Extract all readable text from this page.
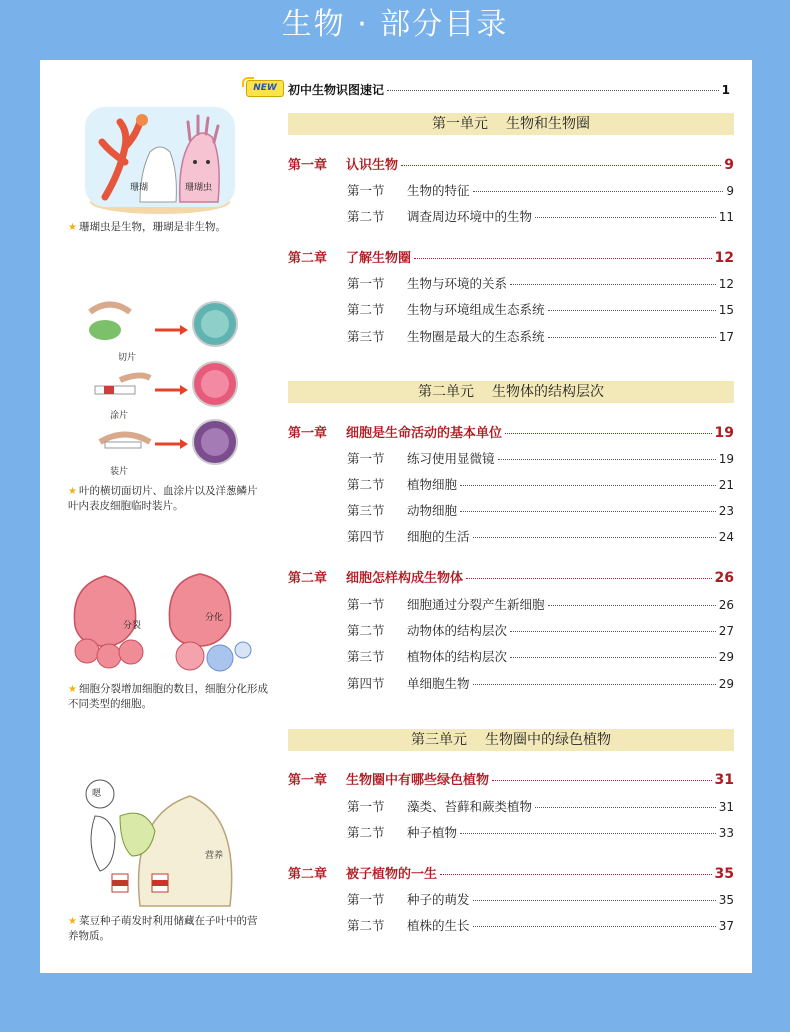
生物 · 部分目录
珊瑚	珊瑚虫
★ 珊瑚虫是生物，珊瑚是非生物。
切片
涂片
装片
★ 叶的横切面切片、血涂片以及洋葱鳞片叶内表皮细胞临时装片。
分裂
分化
★ 细胞分裂增加细胞的数目，细胞分化形成不同类型的细胞。
嗯
营养
★ 菜豆种子萌发时利用储藏在子叶中的营养物质。
NEW 初中生物识图速记	1
第一单元 生物和生物圈
第一章	认识生物	9
第一节	生物的特征	9
第二节	调查周边环境中的生物	11
第二章	了解生物圈	12
第一节	生物与环境的关系	12
第二节	生物与环境组成生态系统	15
第三节	生物圈是最大的生态系统	17
第二单元 生物体的结构层次
第一章	细胞是生命活动的基本单位	19
第一节	练习使用显微镜	19
第二节	植物细胞	21
第三节	动物细胞	23
第四节	细胞的生活	24
第二章	细胞怎样构成生物体	26
第一节	细胞通过分裂产生新细胞	26
第二节	动物体的结构层次	27
第三节	植物体的结构层次	29
第四节	单细胞生物	29
第三单元 生物圈中的绿色植物
第一章	生物圈中有哪些绿色植物	31
第一节	藻类、苔藓和蕨类植物	31
第二节	种子植物	33
第二章	被子植物的一生	35
第一节	种子的萌发	35
第二节	植株的生长	37
